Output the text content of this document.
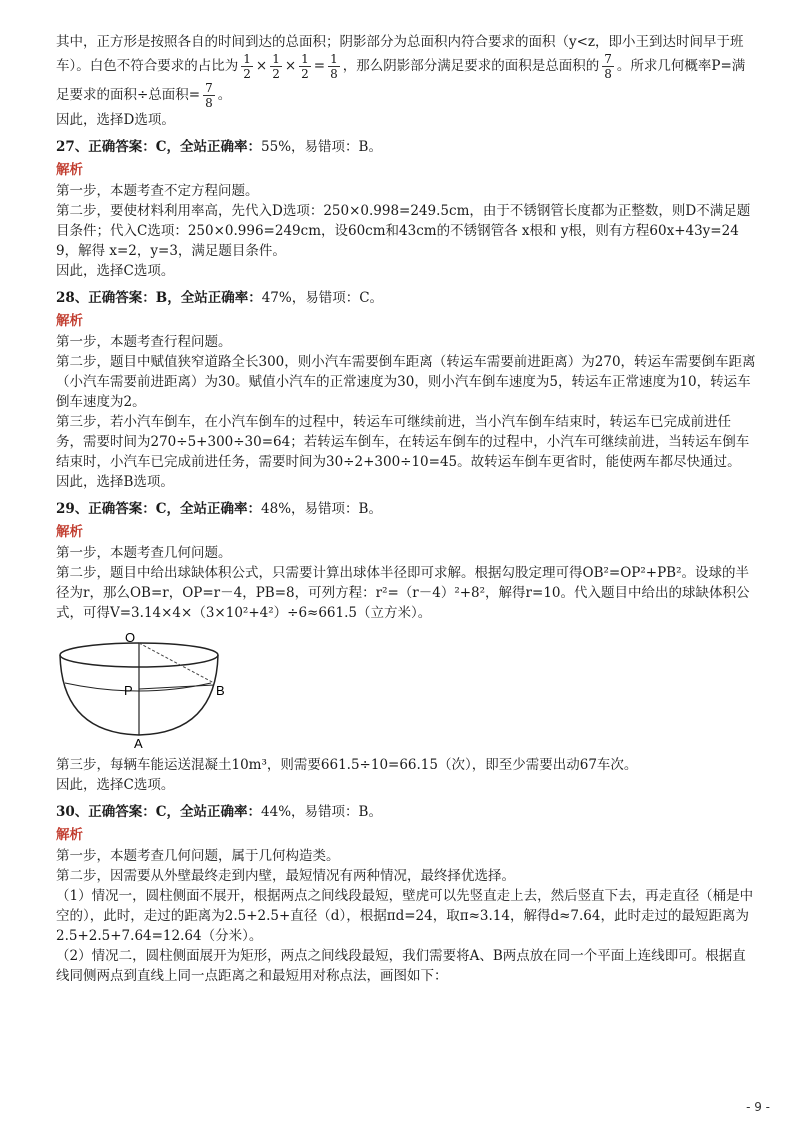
其中，正方形是按照各自的时间到达的总面积；阴影部分为总面积内符合要求的面积（y<z，即小王到达时间早于班车）。白色不符合要求的占比为 $\frac{1}{2} \times \frac{1}{2} \times \frac{1}{2} = \frac{1}{8}$ ，那么阴影部分满足要求的面积是总面积的 $\frac{7}{8}$ 。所求几何概率P=满足要求的面积÷总面积= $\frac{7}{8}$ 。

因此，选择D选项。

27、正确答案：C，全站正确率：55%，易错项：B。

解析

第一步，本题考查不定方程问题。

第二步，要使材料利用率高，先代入D选项：250×0.998=249.5cm，由于不锈钢管长度都为正整数，则D不满足题目条件；代入C选项：250×0.996=249cm，设60cm和43cm的不锈钢管各 x根和 y根，则有方程60x+43y=249，解得 x=2，y=3，满足题目条件。

因此，选择C选项。

28、正确答案：B，全站正确率：47%，易错项：C。

解析

第一步，本题考查行程问题。

第二步，题目中赋值狭窄道路全长300，则小汽车需要倒车距离（转运车需要前进距离）为270，转运车需要倒车距离（小汽车需要前进距离）为30。赋值小汽车的正常速度为30，则小汽车倒车速度为5，转运车正常速度为10，转运车倒车速度为2。

第三步，若小汽车倒车，在小汽车倒车的过程中，转运车可继续前进，当小汽车倒车结束时，转运车已完成前进任务，需要时间为270÷5+300÷30=64；若转运车倒车，在转运车倒车的过程中，小汽车可继续前进，当转运车倒车结束时，小汽车已完成前进任务，需要时间为30÷2+300÷10=45。故转运车倒车更省时，能使两车都尽快通过。

因此，选择B选项。

29、正确答案：C，全站正确率：48%，易错项：B。

解析

第一步，本题考查几何问题。

第二步，题目中给出球缺体积公式，只需要计算出球体半径即可求解。根据勾股定理可得OB²=OP²+PB²。设球的半径为r，那么OB=r，OP=r－4，PB=8，可列方程：r²=（r－4）²+8²，解得r=10。代入题目中给出的球缺体积公式，可得V=3.14×4×（3×10²+4²）÷6≈661.5（立方米）。

O
P	B
A

第三步，每辆车能运送混凝土10m³，则需要661.5÷10=66.15（次），即至少需要出动67车次。

因此，选择C选项。

30、正确答案：C，全站正确率：44%，易错项：B。

解析

第一步，本题考查几何问题，属于几何构造类。

第二步，因需要从外壁最终走到内壁，最短情况有两种情况，最终择优选择。

（1）情况一，圆柱侧面不展开，根据两点之间线段最短，壁虎可以先竖直走上去，然后竖直下去，再走直径（桶是中空的），此时，走过的距离为2.5+2.5+直径（d），根据πd=24，取π≈3.14，解得d≈7.64，此时走过的最短距离为2.5+2.5+7.64=12.64（分米）。

（2）情况二，圆柱侧面展开为矩形，两点之间线段最短，我们需要将A、B两点放在同一个平面上连线即可。根据直线同侧两点到直线上同一点距离之和最短用对称点法，画图如下：

- 9 -
